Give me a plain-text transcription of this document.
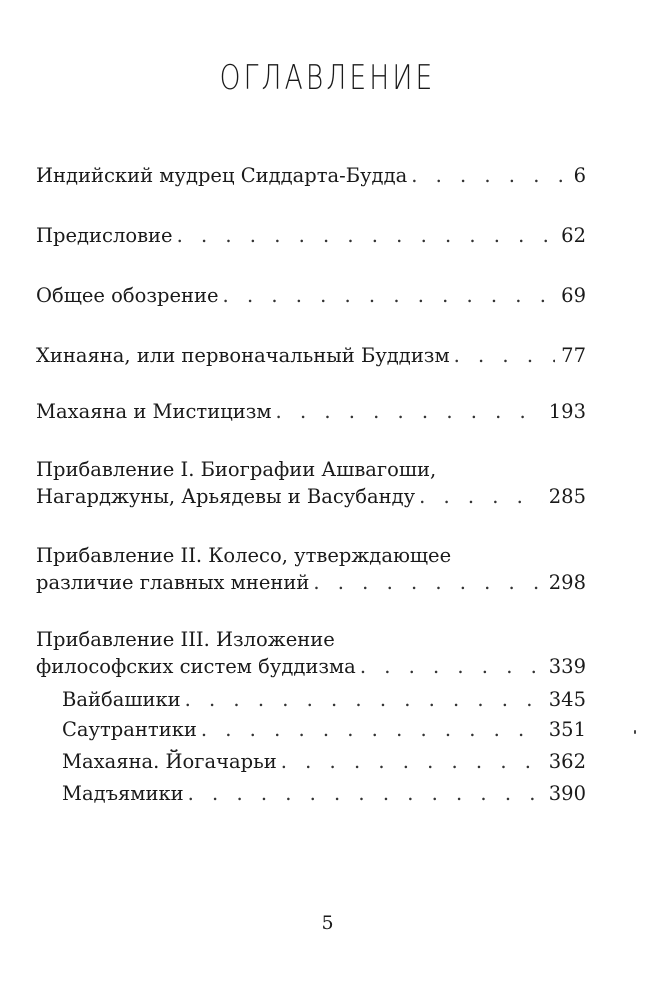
ОГЛАВЛЕНИЕ
Индийский мудрец Сиддарта-Будда . . .	6
Предисловие . . .	62
Общее обозрение . . .	69
Хинаяна, или первоначальный Буддизм . . .	77
Махаяна и Мистицизм . . .	193
Прибавление I. Биографии Ашвагоши,
Нагарджуны, Арьядевы и Васубанду . . .	285
Прибавление II. Колесо, утверждающее
различие главных мнений . . .	298
Прибавление III. Изложение
философских систем буддизма . . .	339
Вайбашики . . .	345
Саутрантики . . .	351
Махаяна. Йогачарьи . . .	362
Мадъямики . . .	390
5
